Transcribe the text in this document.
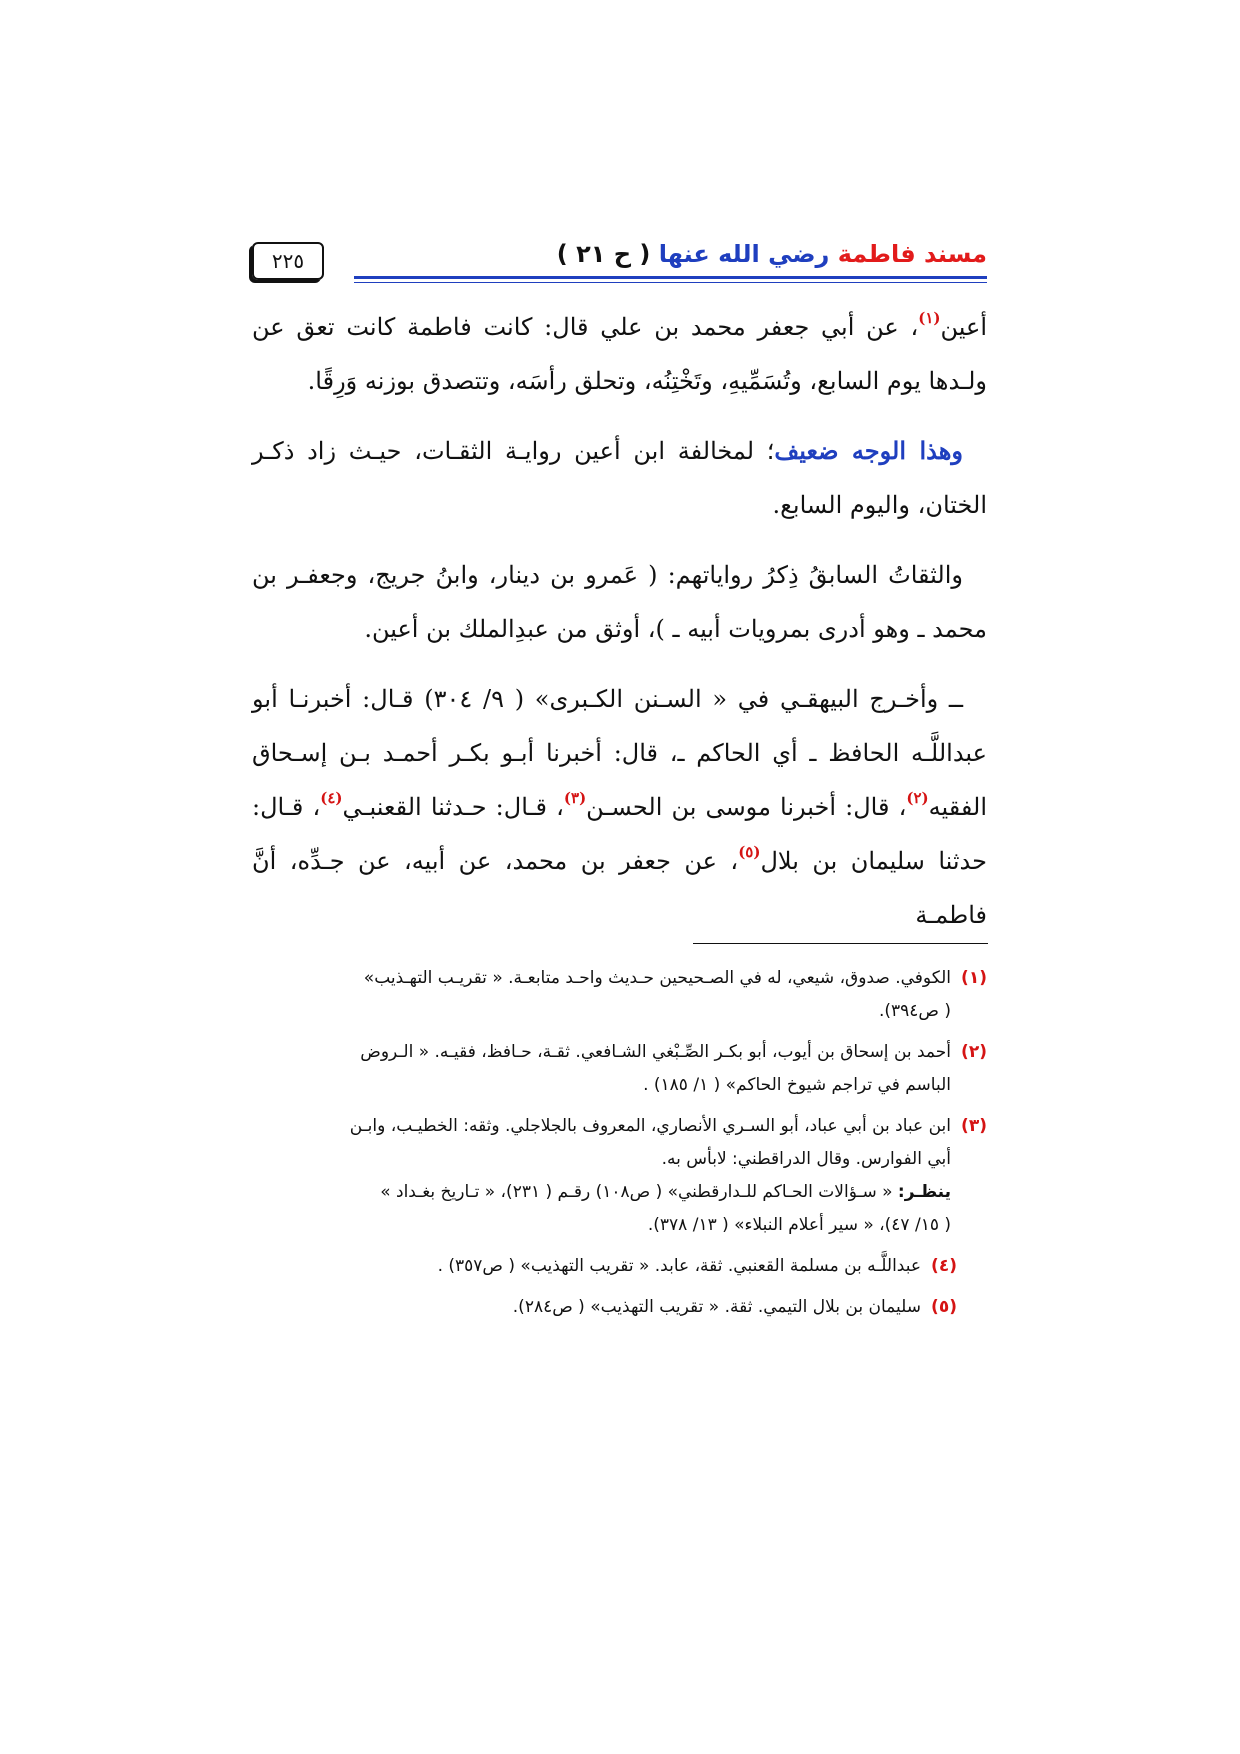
مسند فاطمة رضي الله عنها ( ح ٢١ )
٢٢٥

أعين$^{(١)}$، عن أبي جعفر محمد بن علي قال: كانت فاطمة كانت تعق عن ولـدها يوم السابع، وتُسَمِّيهِ، وتَخْتِنُه، وتحلق رأسَه، وتتصدق بوزنه وَرِقًا.

وهذا الوجه ضعيف؛ لمخالفة ابن أعين روايـة الثقـات، حيـث زاد ذكـر الختان، واليوم السابع.

والثقاتُ السابقُ ذِكرُ رواياتهم: ( عَمرو بن دينار، وابنُ جريج، وجعفـر بن محمد ـ وهو أدرى بمرويات أبيه ـ )، أوثق من عبدِالملك بن أعين.

ــ وأخـرج البيهقـي في « السـنن الكـبرى» ( ٩/ ٣٠٤) قـال: أخبرنـا أبو عبداللَّـه الحافظ ـ أي الحاكم ـ، قال: أخبرنا أبـو بكـر أحمـد بـن إسـحاق الفقيه$^{(٢)}$، قال: أخبرنا موسى بن الحسـن$^{(٣)}$، قـال: حـدثنا القعنبـي$^{(٤)}$، قـال: حدثنا سليمان بن بلال$^{(٥)}$، عن جعفر بن محمد، عن أبيه، عن جـدِّه، أنَّ فاطمـة

(١)
الكوفي. صدوق، شيعي، له في الصـحيحين حـديث واحـد متابعـة. « تقريـب التهـذيب»
( ص٣٩٤).
(٢)
أحمد بن إسحاق بن أيوب، أبو بكـر الصِّـبْغي الشـافعي. ثقـة، حـافظ، فقيـه. « الـروض
الباسم في تراجم شيوخ الحاكم» ( ١/ ١٨٥) .
(٣)
ابن عباد بن أبي عباد، أبو السـري الأنصاري، المعروف بالجلاجلي. وثقه: الخطيـب، وابـن
أبي الفوارس. وقال الدراقطني: لابأس به.
ينظـر: « سـؤالات الحـاكم للـدارقطني» ( ص١٠٨) رقـم ( ٢٣١)، « تـاريخ بغـداد »
( ١٥/ ٤٧)، « سير أعلام النبلاء» ( ١٣/ ٣٧٨).
(٤)
عبداللَّـه بن مسلمة القعنبي. ثقة، عابد. « تقريب التهذيب» ( ص٣٥٧) .
(٥)
سليمان بن بلال التيمي. ثقة. « تقريب التهذيب» ( ص٢٨٤).
